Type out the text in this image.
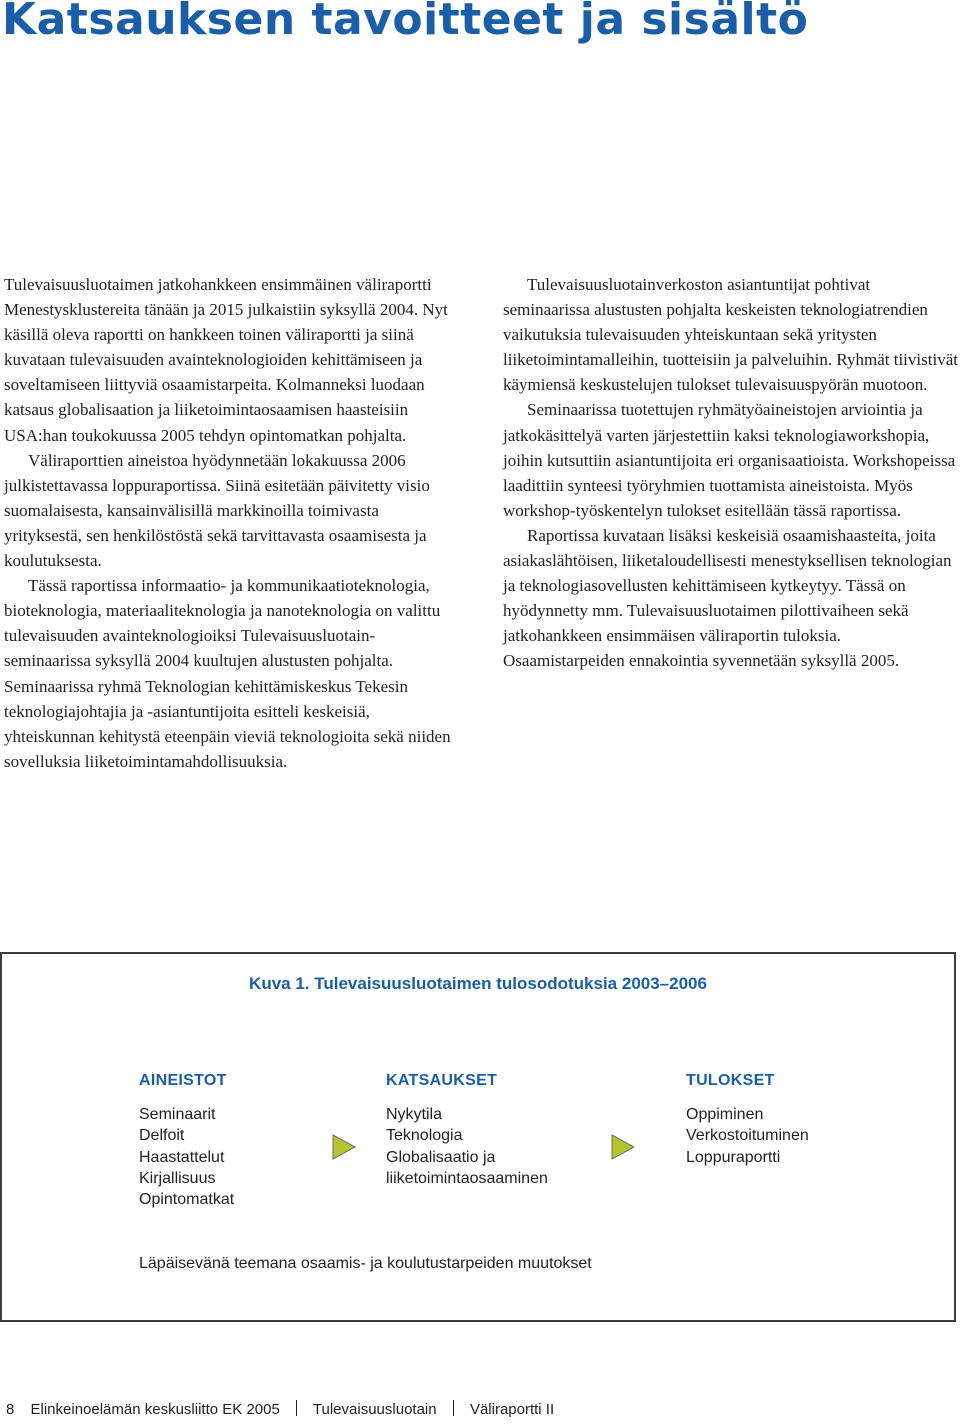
Katsauksen tavoitteet ja sisältö

Tulevaisuusluotaimen jatkohankkeen ensimmäinen väliraportti Menestysklustereita tänään ja 2015 julkaistiin syksyllä 2004. Nyt käsillä oleva raportti on hankkeen toinen väliraportti ja siinä kuvataan tulevaisuuden avainteknologioiden kehittämiseen ja soveltamiseen liittyviä osaamistarpeita. Kolmanneksi luodaan katsaus globalisaation ja liiketoimintaosaamisen haasteisiin USA:han toukokuussa 2005 tehdyn opintomatkan pohjalta.

Väliraporttien aineistoa hyödynnetään lokakuussa 2006 julkistettavassa loppuraportissa. Siinä esitetään päivitetty visio suomalaisesta, kansainvälisillä markkinoilla toimivasta yrityksestä, sen henkilöstöstä sekä tarvittavasta osaamisesta ja koulutuksesta.

Tässä raportissa informaatio- ja kommunikaatioteknologia, bioteknologia, materiaaliteknologia ja nanoteknologia on valittu tulevaisuuden avainteknologioiksi Tulevaisuusluotain-seminaarissa syksyllä 2004 kuultujen alustusten pohjalta. Seminaarissa ryhmä Teknologian kehittämiskeskus Tekesin teknologiajohtajia ja -asiantuntijoita esitteli keskeisiä, yhteiskunnan kehitystä eteenpäin vieviä teknologioita sekä niiden sovelluksia liiketoimintamahdollisuuksia.

Tulevaisuusluotainverkoston asiantuntijat pohtivat seminaarissa alustusten pohjalta keskeisten teknologiatrendien vaikutuksia tulevaisuuden yhteiskuntaan sekä yritysten liiketoimintamalleihin, tuotteisiin ja palveluihin. Ryhmät tiivistivät käymiensä keskustelujen tulokset tulevaisuuspyörän muotoon.

Seminaarissa tuotettujen ryhmätyöaineistojen arviointia ja jatkokäsittelyä varten järjestettiin kaksi teknologiaworkshopia, joihin kutsuttiin asiantuntijoita eri organisaatioista. Workshopeissa laadittiin synteesi työryhmien tuottamista aineistoista. Myös workshop-työskentelyn tulokset esitellään tässä raportissa.

Raportissa kuvataan lisäksi keskeisiä osaamishaasteita, joita asiakaslähtöisen, liiketaloudellisesti menestyksellisen teknologian ja teknologiasovellusten kehittämiseen kytkeytyy. Tässä on hyödynnetty mm. Tulevaisuusluotaimen pilottivaiheen sekä jatkohankkeen ensimmäisen väliraportin tuloksia. Osaamistarpeiden ennakointia syvennetään syksyllä 2005.

Kuva 1. Tulevaisuusluotaimen tulosodotuksia 2003–2006
AINEISTOT
Seminaarit
Delfoit
Haastattelut
Kirjallisuus
Opintomatkat
KATSAUKSET
Nykytila
Teknologia
Globalisaatio ja
liiketoimintaosaaminen
TULOKSET
Oppiminen
Verkostoituminen
Loppuraportti
Läpäisevänä teemana osaamis- ja koulutustarpeiden muutokset
8 Elinkeinoelämän keskusliitto EK 2005 Tulevaisuusluotain Väliraportti II
